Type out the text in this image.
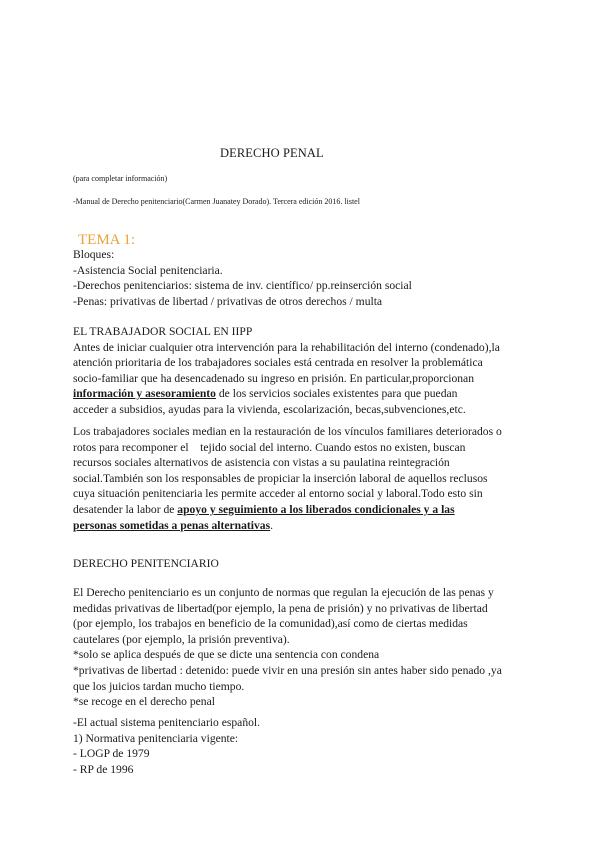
DERECHO PENAL
(para completar información)
-Manual de Derecho penitenciario(Carmen Juanatey Dorado). Tercera edición 2016. listel
TEMA 1:
Bloques:
-Asistencia Social penitenciaria.
-Derechos penitenciarios: sistema de inv. científico/ pp.reinserción social
-Penas: privativas de libertad / privativas de otros derechos / multa
EL TRABAJADOR SOCIAL EN IIPP
Antes de iniciar cualquier otra intervención para la rehabilitación del interno (condenado),la
atención prioritaria de los trabajadores sociales está centrada en resolver la problemática
socio-familiar que ha desencadenado su ingreso en prisión. En particular,proporcionan
información y asesoramiento de los servicios sociales existentes para que puedan
acceder a subsidios, ayudas para la vivienda, escolarización, becas,subvenciones,etc.
Los trabajadores sociales median en la restauración de los vínculos familiares deteriorados o
rotos para recomponer el    tejido social del interno. Cuando estos no existen, buscan
recursos sociales alternativos de asistencia con vistas a su paulatina reintegración
social.También son los responsables de propiciar la inserción laboral de aquellos reclusos
cuya situación penitenciaria les permite acceder al entorno social y laboral.Todo esto sin
desatender la labor de apoyo y seguimiento a los liberados condicionales y a las
personas sometidas a penas alternativas.
DERECHO PENITENCIARIO
El Derecho penitenciario es un conjunto de normas que regulan la ejecución de las penas y
medidas privativas de libertad(por ejemplo, la pena de prisión) y no privativas de libertad
(por ejemplo, los trabajos en beneficio de la comunidad),así como de ciertas medidas
cautelares (por ejemplo, la prisión preventiva).
*solo se aplica después de que se dicte una sentencia con condena
*privativas de libertad : detenido: puede vivir en una presión sin antes haber sido penado ,ya
que los juicios tardan mucho tiempo.
*se recoge en el derecho penal
-El actual sistema penitenciario español.
1) Normativa penitenciaria vigente:
- LOGP de 1979
- RP de 1996
